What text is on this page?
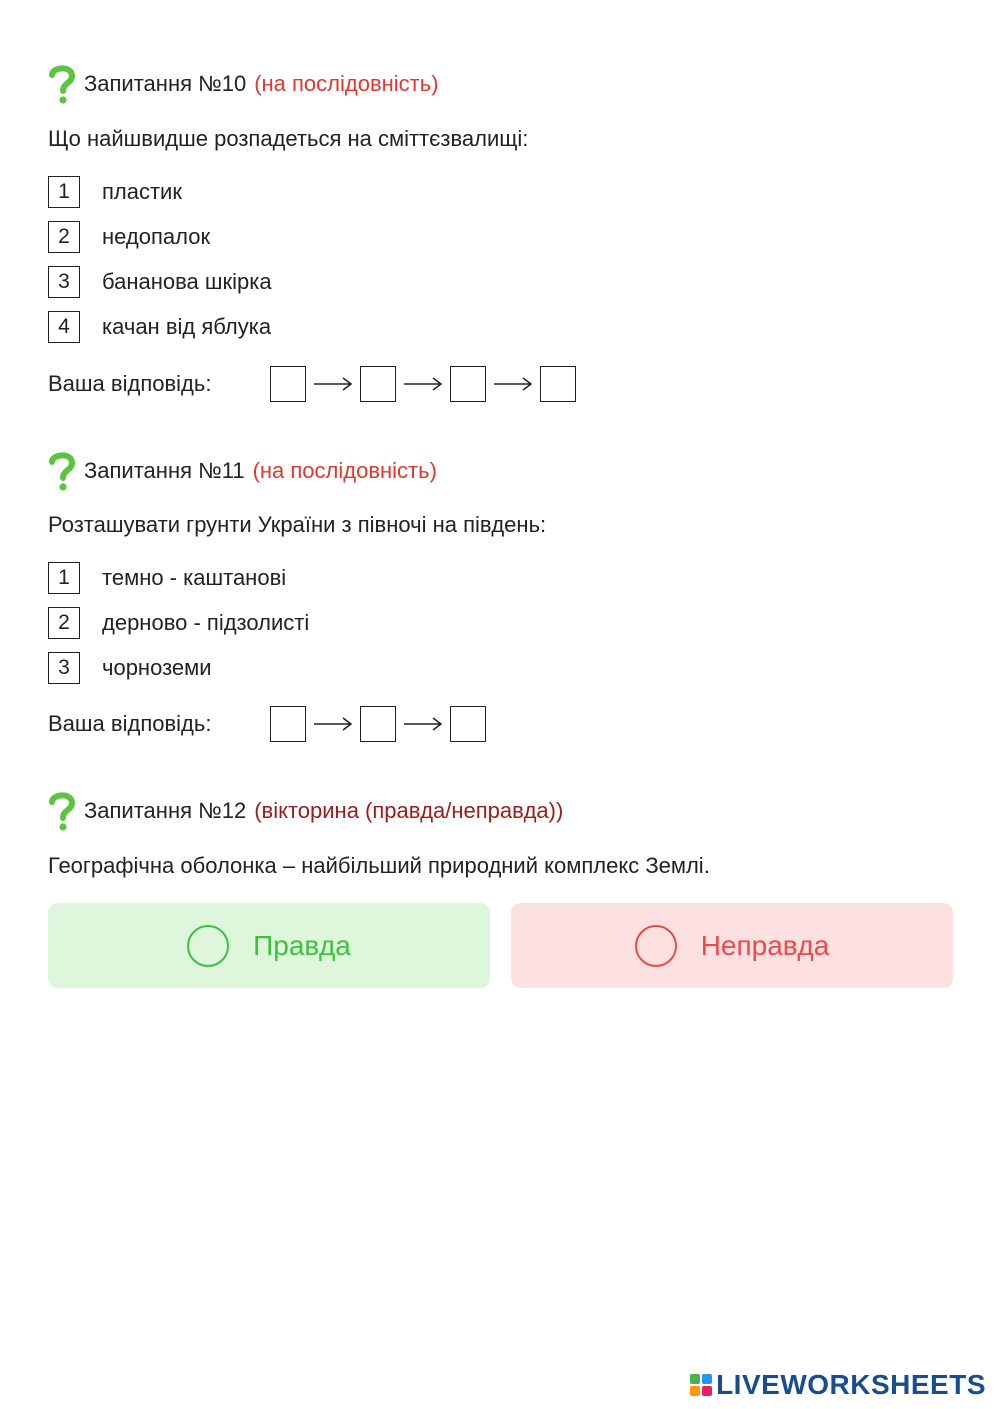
Запитання №10 (на послідовність)
Що найшвидше розпадеться на сміттєзвалищі:
1	пластик
2	недопалок
3	бананова шкірка
4	качан від яблука
Ваша відповідь:
Запитання №11 (на послідовність)
Розташувати грунти України з півночі на південь:
1	темно - каштанові
2	дерново - підзолисті
3	чорноземи
Ваша відповідь:
Запитання №12 (вікторина (правда/неправда))
Географічна оболонка – найбільший природний комплекс Землі.
Правда	Неправда
LIVEWORKSHEETS
